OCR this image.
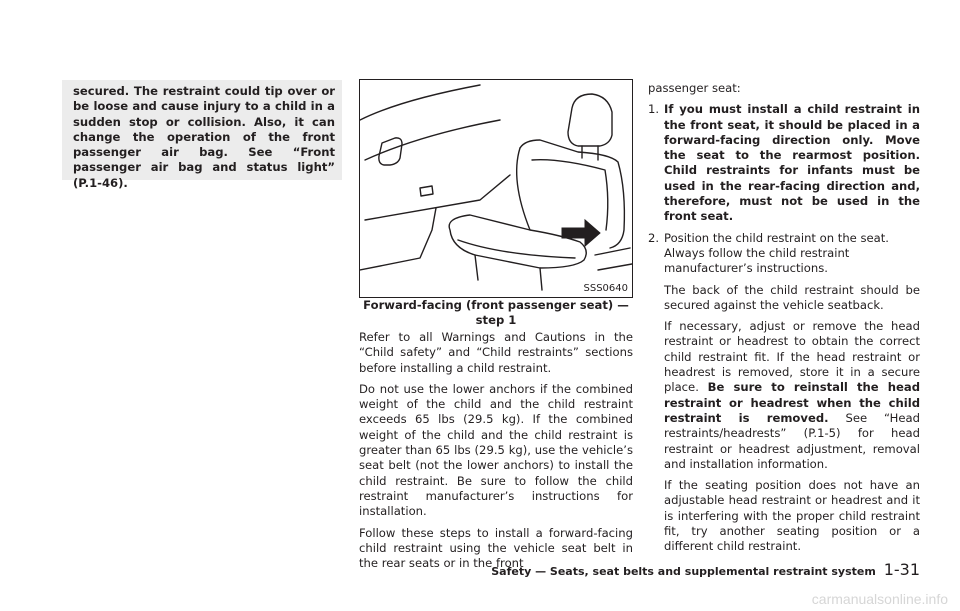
secured. The restraint could tip over or be loose and cause injury to a child in a sudden stop or collision. Also, it can change the operation of the front passenger air bag. See “Front passenger air bag and status light” (P.1-46).
SSS0640
Forward-facing (front passenger seat) — step 1

Refer to all Warnings and Cautions in the “Child safety” and “Child restraints” sections before installing a child restraint.

Do not use the lower anchors if the combined weight of the child and the child restraint exceeds 65 lbs (29.5 kg). If the combined weight of the child and the child restraint is greater than 65 lbs (29.5 kg), use the vehicle’s seat belt (not the lower anchors) to install the child restraint. Be sure to follow the child restraint manufacturer’s instructions for installation.

Follow these steps to install a forward-facing child restraint using the vehicle seat belt in the rear seats or in the front

passenger seat:

1. If you must install a child restraint in the front seat, it should be placed in a forward-facing direction only. Move the seat to the rearmost position. Child restraints for infants must be used in the rear-facing direction and, therefore, must not be used in the front seat.

2. Position the child restraint on the seat. Always follow the child restraint manufacturer’s instructions.

The back of the child restraint should be secured against the vehicle seatback.

If necessary, adjust or remove the head restraint or headrest to obtain the correct child restraint fit. If the head restraint or headrest is removed, store it in a secure place. Be sure to reinstall the head restraint or headrest when the child restraint is removed. See “Head restraints/headrests” (P.1-5) for head restraint or headrest adjustment, removal and installation information.

If the seating position does not have an adjustable head restraint or headrest and it is interfering with the proper child restraint fit, try another seating position or a different child restraint.

Safety — Seats, seat belts and supplemental restraint system 1-31
carmanualsonline.info
